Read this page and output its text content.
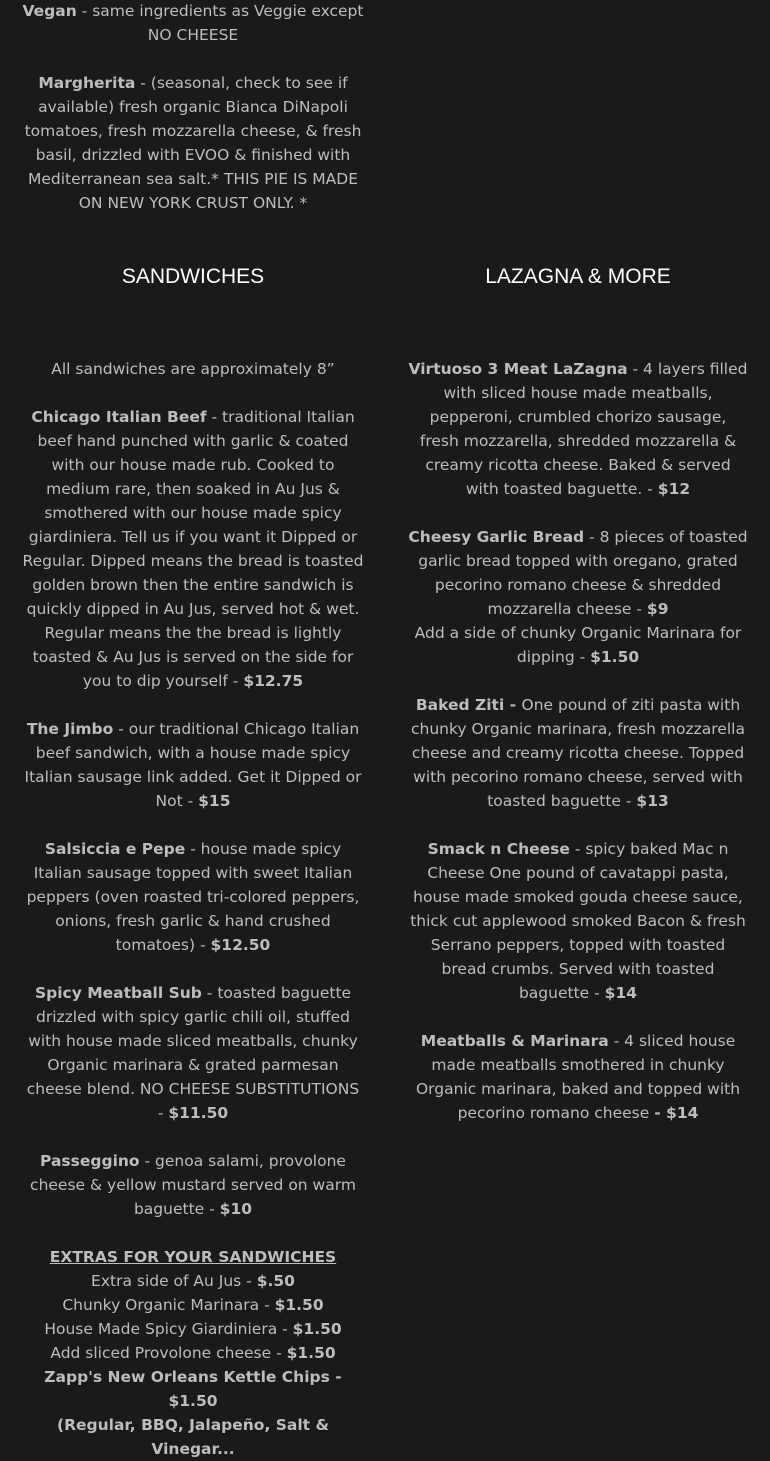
Vegan - same ingredients as Veggie except NO CHEESE

Margherita - (seasonal, check to see if available) fresh organic Bianca DiNapoli tomatoes, fresh mozzarella cheese, & fresh basil, drizzled with EVOO & finished with Mediterranean sea salt.* THIS PIE IS MADE ON NEW YORK CRUST ONLY. *

SANDWICHES	LAZAGNA & MORE

All sandwiches are approximately 8”

Chicago Italian Beef - traditional Italian beef hand punched with garlic & coated with our house made rub. Cooked to medium rare, then soaked in Au Jus & smothered with our house made spicy giardiniera. Tell us if you want it Dipped or Regular. Dipped means the bread is toasted golden brown then the entire sandwich is quickly dipped in Au Jus, served hot & wet. Regular means the the bread is lightly toasted & Au Jus is served on the side for you to dip yourself - $12.75

The Jimbo - our traditional Chicago Italian beef sandwich, with a house made spicy Italian sausage link added. Get it Dipped or Not - $15

Salsiccia e Pepe - house made spicy Italian sausage topped with sweet Italian peppers (oven roasted tri-colored peppers, onions, fresh garlic & hand crushed tomatoes) - $12.50

Spicy Meatball Sub - toasted baguette drizzled with spicy garlic chili oil, stuffed with house made sliced meatballs, chunky Organic marinara & grated parmesan cheese blend. NO CHEESE SUBSTITUTIONS - $11.50

Passeggino - genoa salami, provolone cheese & yellow mustard served on warm baguette - $10

EXTRAS FOR YOUR SANDWICHES

Extra side of Au Jus - $.50

Chunky Organic Marinara - $1.50

House Made Spicy Giardiniera - $1.50

Add sliced Provolone cheese - $1.50

Zapp's New Orleans Kettle Chips - $1.50

(Regular, BBQ, Jalapeño, Salt & Vinegar...

Virtuoso 3 Meat LaZagna - 4 layers filled with sliced house made meatballs, pepperoni, crumbled chorizo sausage, fresh mozzarella, shredded mozzarella & creamy ricotta cheese. Baked & served with toasted baguette. - $12

Cheesy Garlic Bread - 8 pieces of toasted garlic bread topped with oregano, grated pecorino romano cheese & shredded mozzarella cheese - $9

Add a side of chunky Organic Marinara for dipping - $1.50

Baked Ziti - One pound of ziti pasta with chunky Organic marinara, fresh mozzarella cheese and creamy ricotta cheese. Topped with pecorino romano cheese, served with toasted baguette - $13

Smack n Cheese - spicy baked Mac n Cheese One pound of cavatappi pasta, house made smoked gouda cheese sauce, thick cut applewood smoked Bacon & fresh Serrano peppers, topped with toasted bread crumbs. Served with toasted baguette - $14

Meatballs & Marinara - 4 sliced house made meatballs smothered in chunky Organic marinara, baked and topped with pecorino romano cheese - $14
